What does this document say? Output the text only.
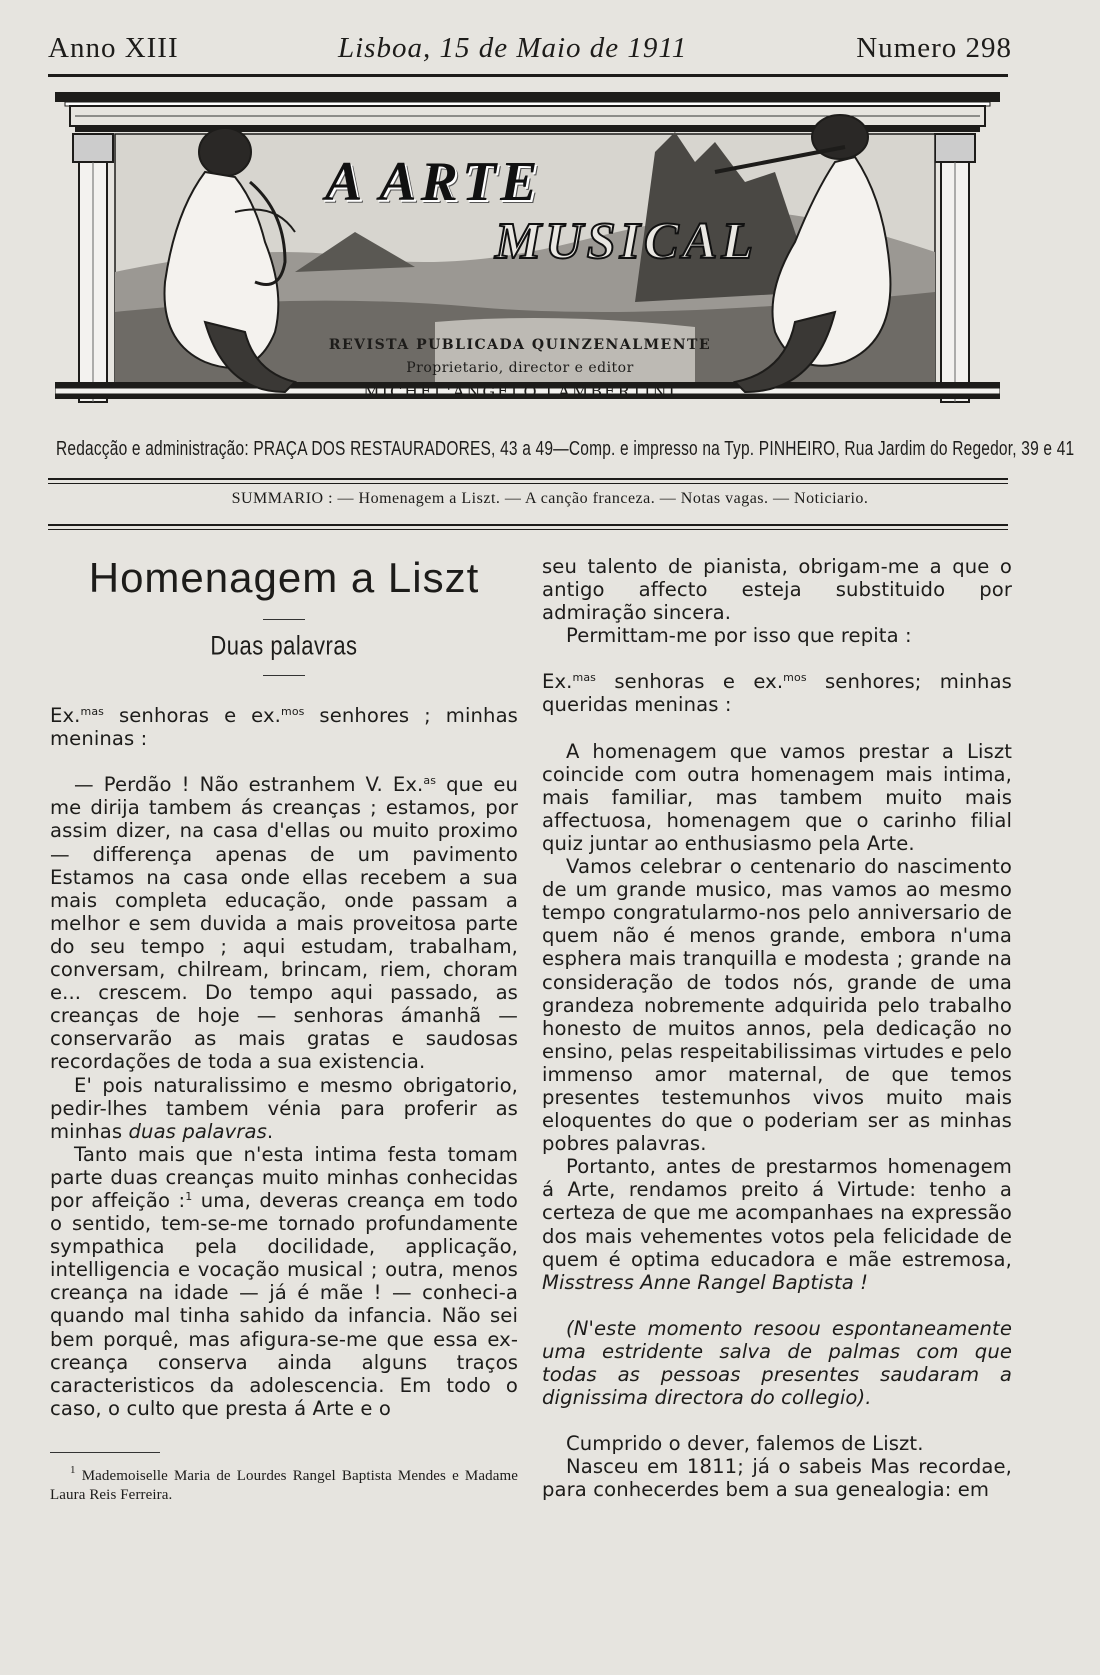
Anno XIII	Lisboa, 15 de Maio de 1911	Numero 298
A ARTE
MUSICAL
REVISTA PUBLICADA QUINZENALMENTE
Proprietario, director e editor
MICHEL'ANGELO LAMBERTINI
Redacção e administração: PRAÇA DOS RESTAURADORES, 43 a 49—Comp. e impresso na Typ. PINHEIRO, Rua Jardim do Regedor, 39 e 41
SUMMARIO : — Homenagem a Liszt. — A canção franceza. — Notas vagas. — Noticiario.
Homenagem a Liszt
Duas palavras

Ex.$^{mas}$ senhoras e ex.$^{mos}$ senhores ; minhas meninas :

— Perdão ! Não estranhem V. Ex.$^{as}$ que eu me dirija tambem ás creanças ; estamos, por assim dizer, na casa d'ellas ou muito proximo — differença apenas de um pavimento Estamos na casa onde ellas recebem a sua mais completa educação, onde passam a melhor e sem duvida a mais proveitosa parte do seu tempo ; aqui estudam, trabalham, conversam, chilream, brincam, riem, choram e... crescem. Do tempo aqui passado, as creanças de hoje — senhoras ámanhã — conservarão as mais gratas e saudosas recordações de toda a sua existencia.

E' pois naturalissimo e mesmo obrigatorio, pedir-lhes tambem vénia para proferir as minhas duas palavras.

Tanto mais que n'esta intima festa tomam parte duas creanças muito minhas conhecidas por affeição :$^1$ uma, deveras creança em todo o sentido, tem-se-me tornado profundamente sympathica pela docilidade, applicação, intelligencia e vocação musical ; outra, menos creança na idade — já é mãe ! — conheci-a quando mal tinha sahido da infancia. Não sei bem porquê, mas afigura-se-me que essa ex-creança conserva ainda alguns traços caracteristicos da adolescencia. Em todo o caso, o culto que presta á Arte e o

$^1$ Mademoiselle Maria de Lourdes Rangel Baptista Mendes e Madame Laura Reis Ferreira.

seu talento de pianista, obrigam-me a que o antigo affecto esteja substituido por admiração sincera.

Permittam-me por isso que repita :

Ex.$^{mas}$ senhoras e ex.$^{mos}$ senhores; minhas queridas meninas :

A homenagem que vamos prestar a Liszt coincide com outra homenagem mais intima, mais familiar, mas tambem muito mais affectuosa, homenagem que o carinho filial quiz juntar ao enthusiasmo pela Arte.

Vamos celebrar o centenario do nascimento de um grande musico, mas vamos ao mesmo tempo congratularmo-nos pelo anniversario de quem não é menos grande, embora n'uma esphera mais tranquilla e modesta ; grande na consideração de todos nós, grande de uma grandeza nobremente adquirida pelo trabalho honesto de muitos annos, pela dedicação no ensino, pelas respeitabilissimas virtudes e pelo immenso amor maternal, de que temos presentes testemunhos vivos muito mais eloquentes do que o poderiam ser as minhas pobres palavras.

Portanto, antes de prestarmos homenagem á Arte, rendamos preito á Virtude: tenho a certeza de que me acompanhaes na expressão dos mais vehementes votos pela felicidade de quem é optima educadora e mãe estremosa, Misstress Anne Rangel Baptista !

(N'este momento resoou espontaneamente uma estridente salva de palmas com que todas as pessoas presentes saudaram a dignissima directora do collegio).

Cumprido o dever, falemos de Liszt.

Nasceu em 1811; já o sabeis Mas recordae, para conhecerdes bem a sua genealogia: em
